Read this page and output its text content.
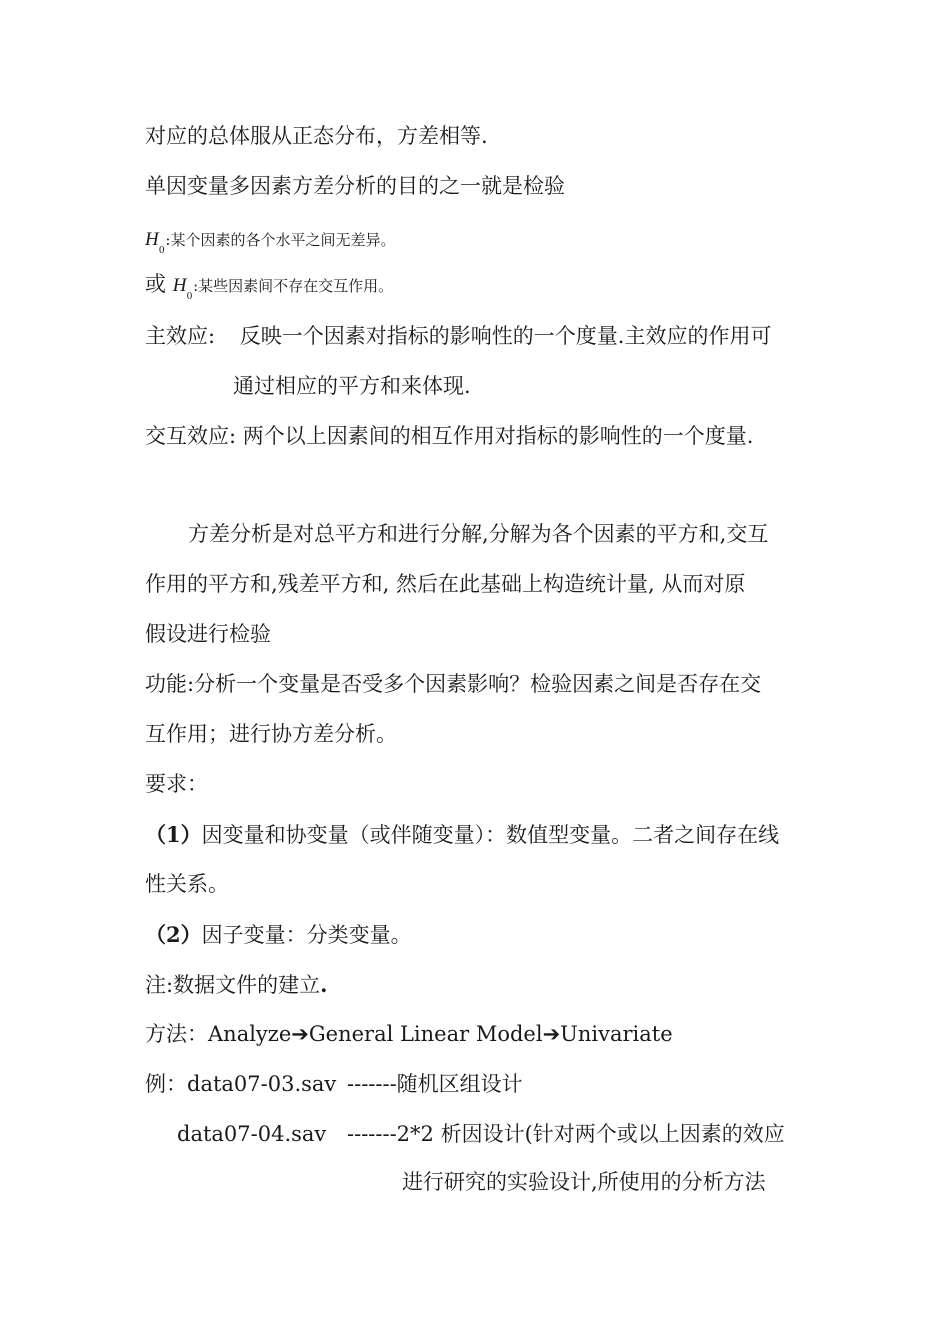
对应的总体服从正态分布，方差相等.
单因变量多因素方差分析的目的之一就是检验
H 0
:某个因素的各个水平之间无差异。
或 H 0
:某些因素间不存在交互作用。
主效应: 反映一个因素对指标的影响性的一个度量.主效应的作用可
通过相应的平方和来体现.
交互效应: 两个以上因素间的相互作用对指标的影响性的一个度量.
方差分析是对总平方和进行分解,分解为各个因素的平方和,交互
作用的平方和,残差平方和, 然后在此基础上构造统计量, 从而对原
假设进行检验
功能:分析一个变量是否受多个因素影响？检验因素之间是否存在交
互作用；进行协方差分析。
要求：
（1）因变量和协变量（或伴随变量）：数值型变量。二者之间存在线
性关系。
（2）因子变量：分类变量。
注:数据文件的建立.
方法：Analyze➔General Linear Model➔Univariate
例：data07-03.sav -------随机区组设计
data07-04.sav -------2*2 析因设计(针对两个或以上因素的效应
进行研究的实验设计,所使用的分析方法
